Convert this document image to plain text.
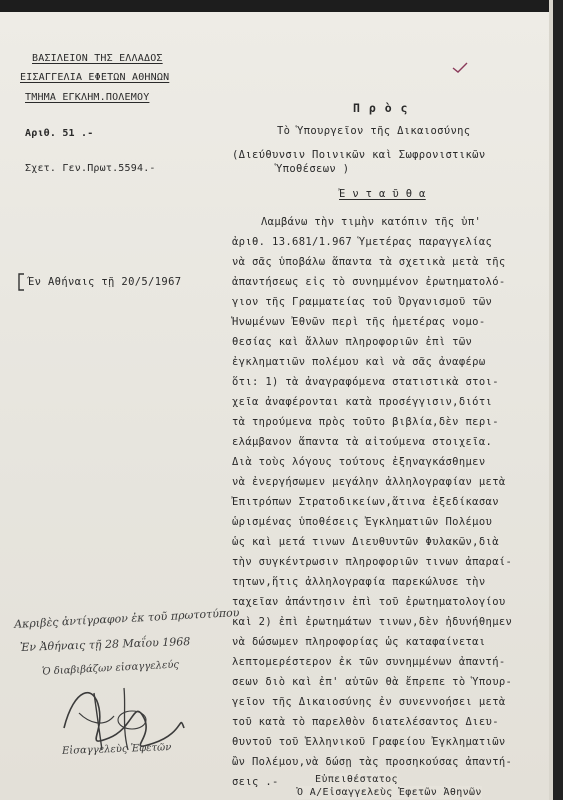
ΒΑΣΙΛΕΙΟΝ ΤΗΣ ΕΛΛΑΔΟΣ
ΕΙΣΑΓΓΕΛΙΑ ΕΦΕΤΩΝ ΑΘΗΝΩΝ
ΤΜΗΜΑ ΕΓΚΛΗΜ.ΠΟΛΕΜΟΥ
Αριθ. 51 .-
Σχετ. Γεν.Πρωτ.5594.-
Π ρ ὸ ς
Τὸ Ὑπουργεῖον τῆς Δικαιοσύνης
(Διεύθυνσιν Ποινικῶν καὶ Σωφρονιστικῶν
Ὑποθέσεων )
Ἐ ν τ α ῦ θ α
Έν Αθήναις τῇ 20/5/1967
Λαμβάνω τὴν τιμὴν κατόπιν τῆς ὑπ'
ἀριθ. 13.681/1.967 Ὑμετέρας παραγγελίας
νὰ σᾶς ὑποβάλω ἅπαντα τὰ σχετικὰ μετὰ τῆς
ἀπαντήσεως εἰς τὸ συνημμένον ἐρωτηματολό-
γιον τῆς Γραμματείας τοῦ Ὀργανισμοῦ τῶν
Ἡνωμένων Ἐθνῶν περὶ τῆς ἡμετέρας νομο-
θεσίας καὶ ἄλλων πληροφοριῶν ἐπὶ τῶν
ἐγκληματιῶν πολέμου καὶ νὰ σᾶς ἀναφέρω
ὅτι: 1) τὰ ἀναγραφόμενα στατιστικὰ στοι-
χεῖα ἀναφέρονται κατὰ προσέγγισιν,διότι
τὰ τηρούμενα πρὸς τοῦτο βιβλία,δὲν περι-
ελάμβανον ἅπαντα τὰ αἰτούμενα στοιχεῖα.
Διὰ τοὺς λόγους τούτους ἐξηναγκάσθημεν
νὰ ἐνεργήσωμεν μεγάλην ἀλληλογραφίαν μετὰ
Ἐπιτρόπων Στρατοδικείων,ἅτινα ἐξεδίκασαν
ὡρισμένας ὑποθέσεις Ἐγκληματιῶν Πολέμου
ὡς καὶ μετά τινων Διευθυντῶν Φυλακῶν,διὰ
τὴν συγκέντρωσιν πληροφοριῶν τινων ἀπαραί-
τητων,ἥτις ἀλληλογραφία παρεκώλυσε τὴν
ταχεῖαν ἀπάντησιν ἐπὶ τοῦ ἐρωτηματολογίου
καὶ 2) ἐπὶ ἐρωτημάτων τινων,δὲν ἠδυνήθημεν
νὰ δώσωμεν πληροφορίας ὡς καταφαίνεται
λεπτομερέστερον ἐκ τῶν συνημμένων ἀπαντή-
σεων διὸ καὶ ἐπ' αὐτῶν θὰ ἔπρεπε τὸ Ὑπουρ-
γεῖον τῆς Δικαιοσύνης ἐν συνεννοήσει μετὰ
τοῦ κατὰ τὸ παρελθὸν διατελέσαντος Διευ-
θυντοῦ τοῦ Ἑλληνικοῦ Γραφείου Ἐγκληματιῶν
ὢν Πολέμου,νὰ δώσῃ τὰς προσηκούσας ἀπαντή-
σεις .-	Εὐπειθέστατος
Ὁ Α/Εἰσαγγελεὺς Ἐφετῶν Ἀθηνῶν
Ακριβὲς ἀντίγραφον ἐκ τοῦ πρωτοτύπου
Ἐν Ἀθήναις τῇ 28 Μαΐου 1968
Ὁ διαβιβάζων εἰσαγγελεύς
Εἰσαγγελεὺς Ἐφετῶν
